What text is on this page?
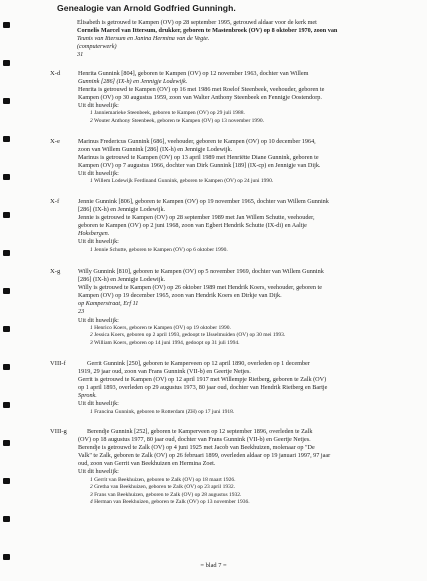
Genealogie van Arnold Godfried Gunningh.
Elisabeth is getrouwd te Kampen (OV) op 28 september 1995, getrouwd aldaar voor de kerk met
Cornelis Marcel van Ittersum, drukker, geboren te Mastenbroek (OV) op 8 oktober 1970, zoon van
Teunis van Ittersum en Janina Hermina van de Vegte.
(computerwerk)
31
X-d	Henrita Gunnink [804], geboren te Kampen (OV) op 12 november 1963, dochter van Willem
Gunnink [286] (IX-h) en Jennigje Lodewijk.
Henrita is getrouwd te Kampen (OV) op 16 mei 1986 met Roelof Steenbeek, veehouder, geboren te
Kampen (OV) op 30 augustus 1959, zoon van Walter Anthony Steenbeek en Fennigje Oostendorp.
Uit dit huwelijk:
1 Janniemarieke Steenbeek, geboren te Kampen (OV) op 29 juli 1988.
2 Wouter Anthony Steenbeek, geboren te Kampen (OV) op 13 november 1990.
X-e	Marinus Fredericus Gunnink [686], veehouder, geboren te Kampen (OV) op 10 december 1964,
zoon van Willem Gunnink [286] (IX-h) en Jennigje Lodewijk.
Marinus is getrouwd te Kampen (OV) op 13 april 1989 met Henriëtte Diane Gunnink, geboren te
Kampen (OV) op 7 augustus 1966, dochter van Dirk Gunnink [189] (IX-cp) en Jennigje van Dijk.
Uit dit huwelijk:
1 Willem Lodewijk Ferdinand Gunnink, geboren te Kampen (OV) op 24 juni 1990.
X-f	Jennie Gunnink [806], geboren te Kampen (OV) op 19 november 1965, dochter van Willem Gunnink
[286] (IX-h) en Jennigje Lodewijk.
Jennie is getrouwd te Kampen (OV) op 28 september 1989 met Jan Willem Schutte, veehouder,
geboren te Kampen (OV) op 2 juni 1968, zoon van Egbert Hendrik Schutte (IX-di) en Aaltje
Hoksbergen.
Uit dit huwelijk:
1 Jennie Schutte, geboren te Kampen (OV) op 6 oktober 1990.
X-g	Willy Gunnink [810], geboren te Kampen (OV) op 5 november 1969, dochter van Willem Gunnink
[286] (IX-h) en Jennigje Lodewijk.
Willy is getrouwd te Kampen (OV) op 26 oktober 1989 met Hendrik Koers, veehouder, geboren te
Kampen (OV) op 19 december 1965, zoon van Hendrik Koers en Dirkje van Dijk.
op Kamperstraat, Erf 11
23
Uit dit huwelijk:
1 Henrico Koers, geboren te Kampen (OV) op 19 oktober 1990.
2 Jessica Koers, geboren op 2 april 1993, gedoopt te IJsselmuiden (OV) op 30 mei 1993.
3 William Koers, geboren op 14 juni 1994, gedoopt op 31 juli 1994.
VIII-f	Gerrit Gunnink [250], geboren te Kamperveen op 12 april 1890, overleden op 1 december
1919, 29 jaar oud, zoon van Frans Gunnink (VII-b) en Geertje Netjes.
Gerrit is getrouwd te Kampen (OV) op 12 april 1917 met Willempje Rietberg, geboren te Zalk (OV)
op 1 april 1893, overleden op 29 augustus 1973, 80 jaar oud, dochter van Hendrik Rietberg en Bartje
Spronk.
Uit dit huwelijk:
1 Francina Gunnink, geboren te Rotterdam (ZH) op 17 juni 1918.
VIII-g	Berendje Gunnink [252], geboren te Kamperveen op 12 september 1896, overleden te Zalk
(OV) op 18 augustus 1977, 80 jaar oud, dochter van Frans Gunnink (VII-b) en Geertje Netjes.
Berendje is getrouwd te Zalk (OV) op 4 juni 1925 met Jacob van Beekhuizen, molenaar op "De
Valk" te Zalk, geboren te Zalk (OV) op 26 februari 1899, overleden aldaar op 19 januari 1997, 97 jaar
oud, zoon van Gerrit van Beekhuizen en Hermina Zoet.
Uit dit huwelijk:
1 Gerrit van Beekhuizen, geboren te Zalk (OV) op 18 maart 1926.
2 Gretha van Beekhuizen, geboren te Zalk (OV) op 23 april 1932.
3 Frans van Beekhuizen, geboren te Zalk (OV) op 28 augustus 1932.
4 Herman van Beekhuizen, geboren te Zalk (OV) op 13 november 1936.
= blad 7 =
